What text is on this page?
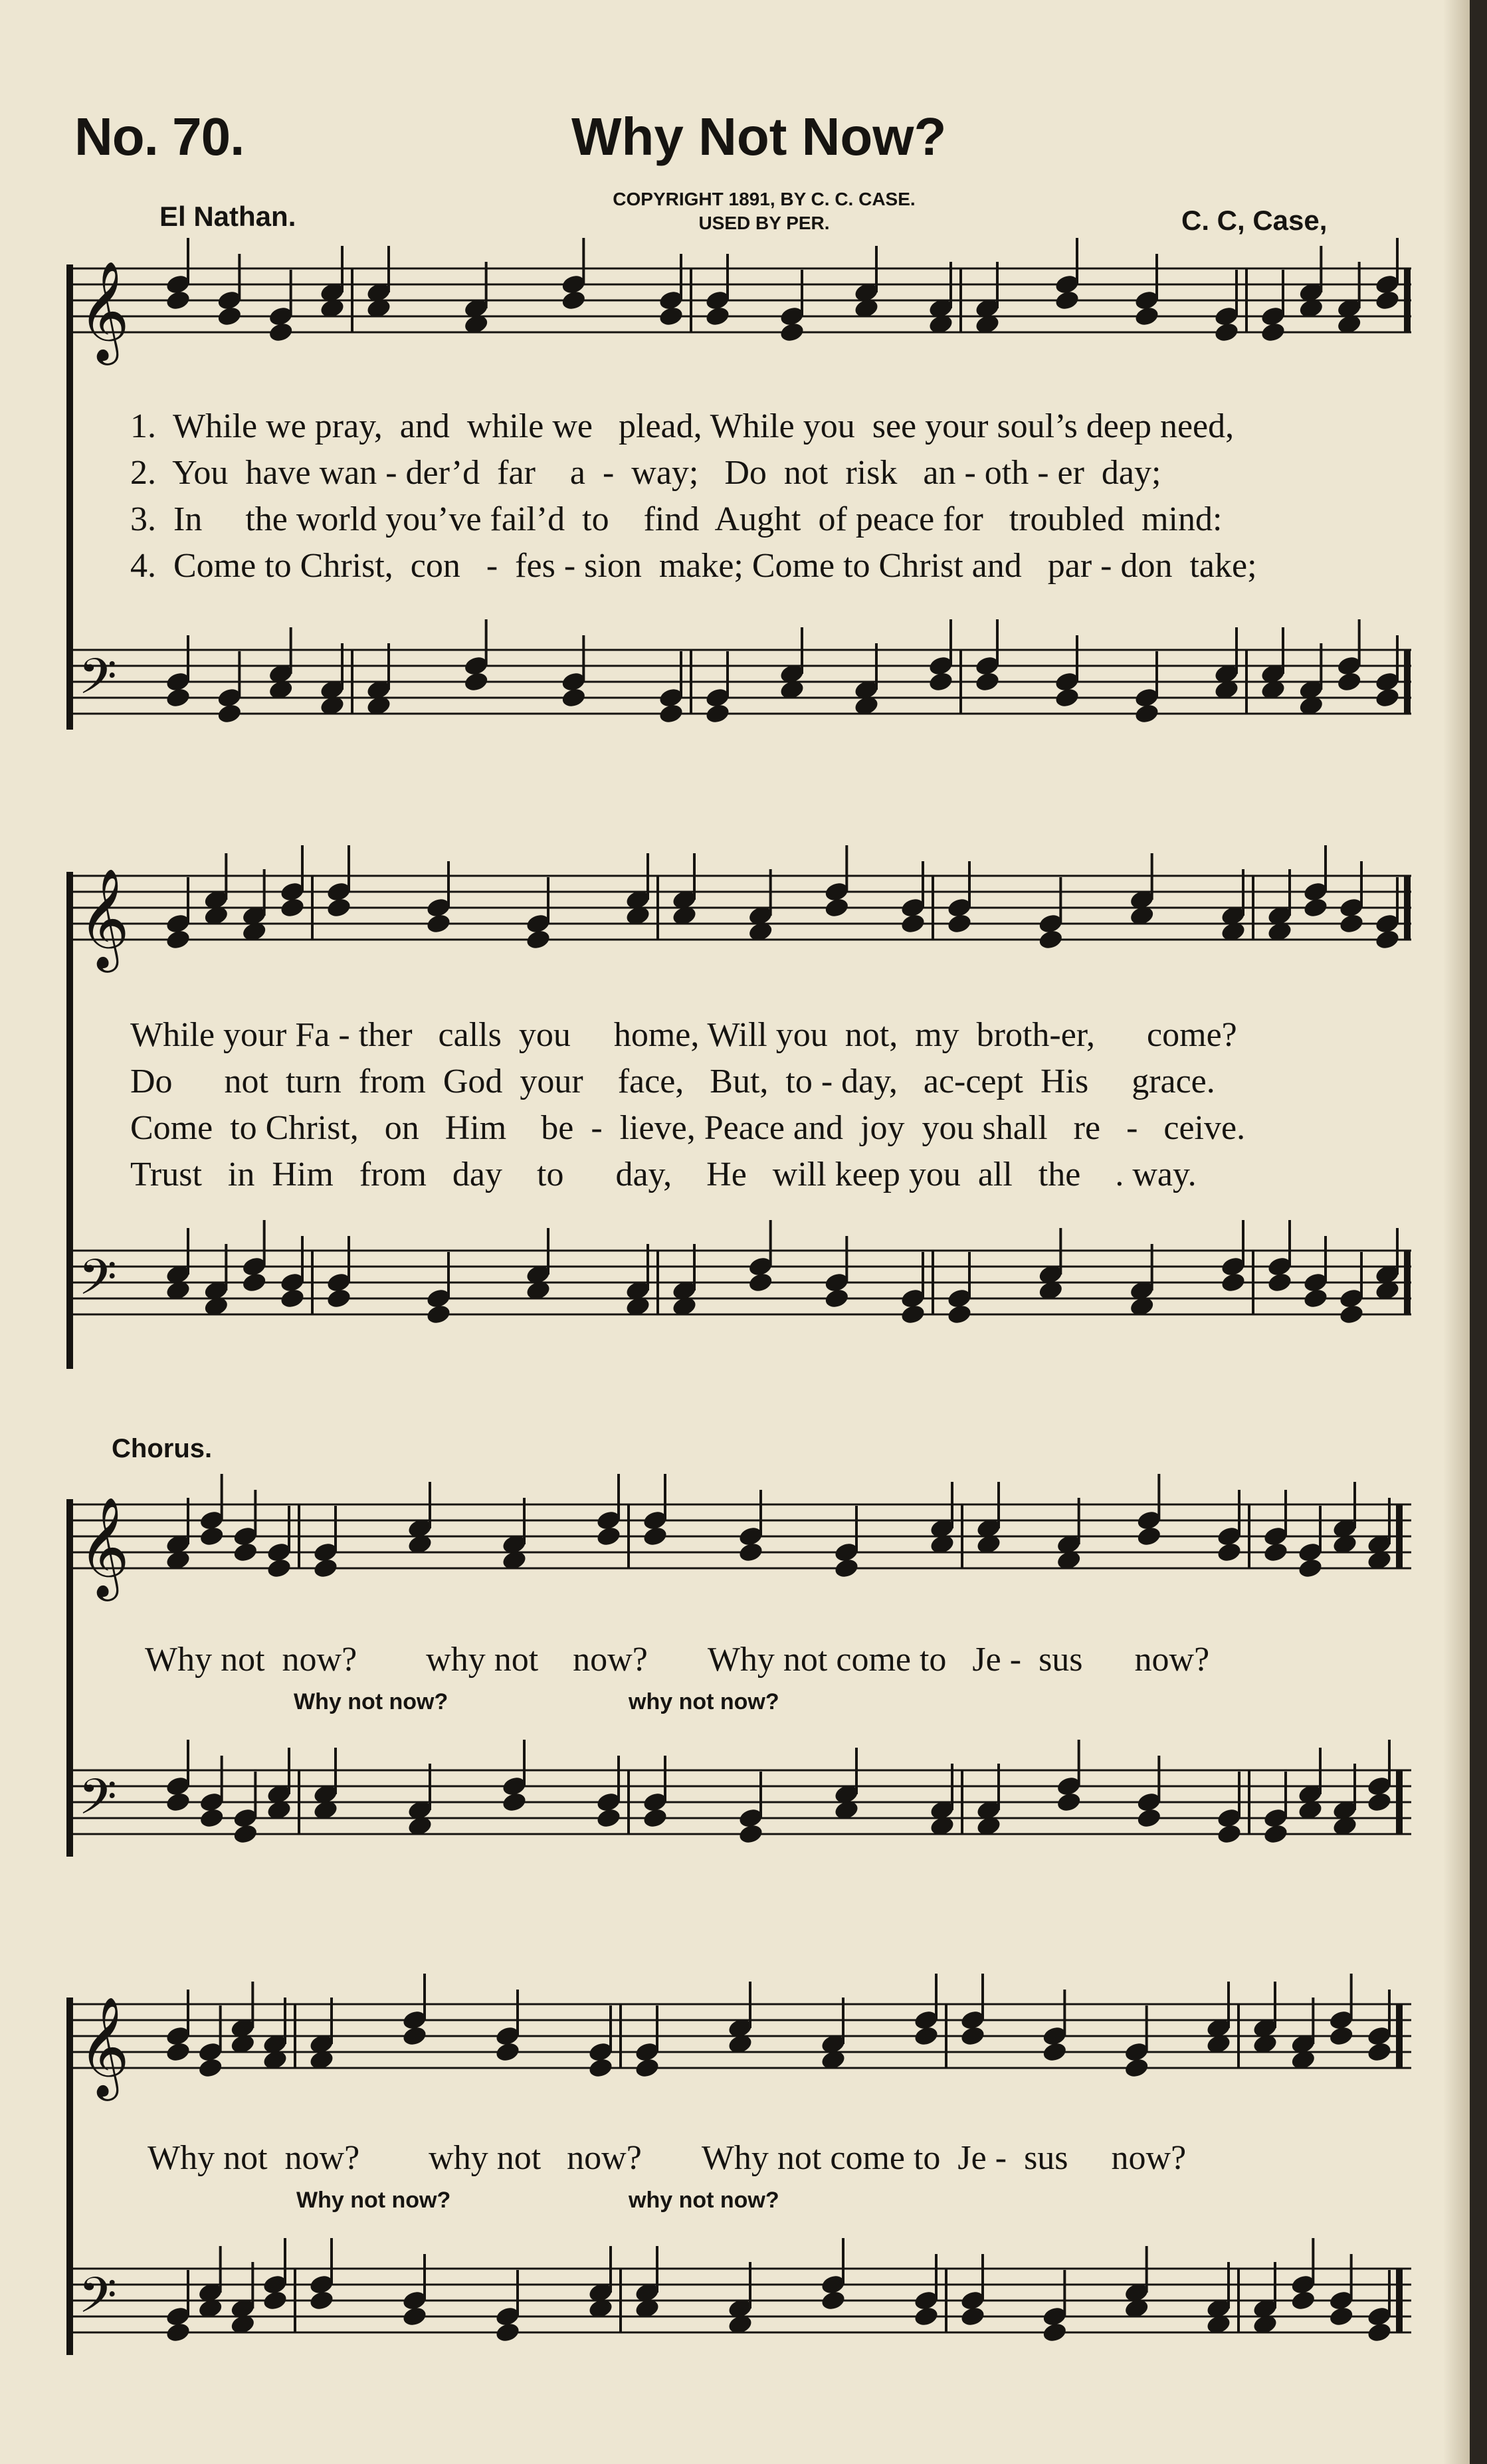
No. 70.	Why Not Now?
COPYRIGHT 1891, BY C. C. CASE.
USED BY PER.
El Nathan.	C. C, Case,
𝄞
𝄢
𝄞
𝄢
𝄞
𝄢
𝄞
𝄢
1.  While we pray,  and  while we   plead, While you  see your soul’s deep need,
2.  You  have wan - der’d  far    a  -  way;   Do  not  risk   an - oth - er  day;
3.  In     the world you’ve fail’d  to    find  Aught  of peace for   troubled  mind:
4.  Come to Christ,  con   -  fes - sion  make; Come to Christ and   par - don  take;
While your Fa - ther   calls  you     home, Will you  not,  my  broth-er,      come?
Do      not  turn  from  God  your    face,   But,  to - day,   ac-cept  His     grace.
Come  to Christ,   on   Him    be  -  lieve, Peace and  joy  you shall   re   -   ceive.
Trust   in  Him   from   day    to      day,    He   will keep you  all   the    . way.
Chorus.
Why not  now?        why not    now?       Why not come to   Je -  sus      now?
Why not now?	why not now?
Why not  now?        why not   now?       Why not come to  Je -  sus     now?
Why not now?	why not now?
